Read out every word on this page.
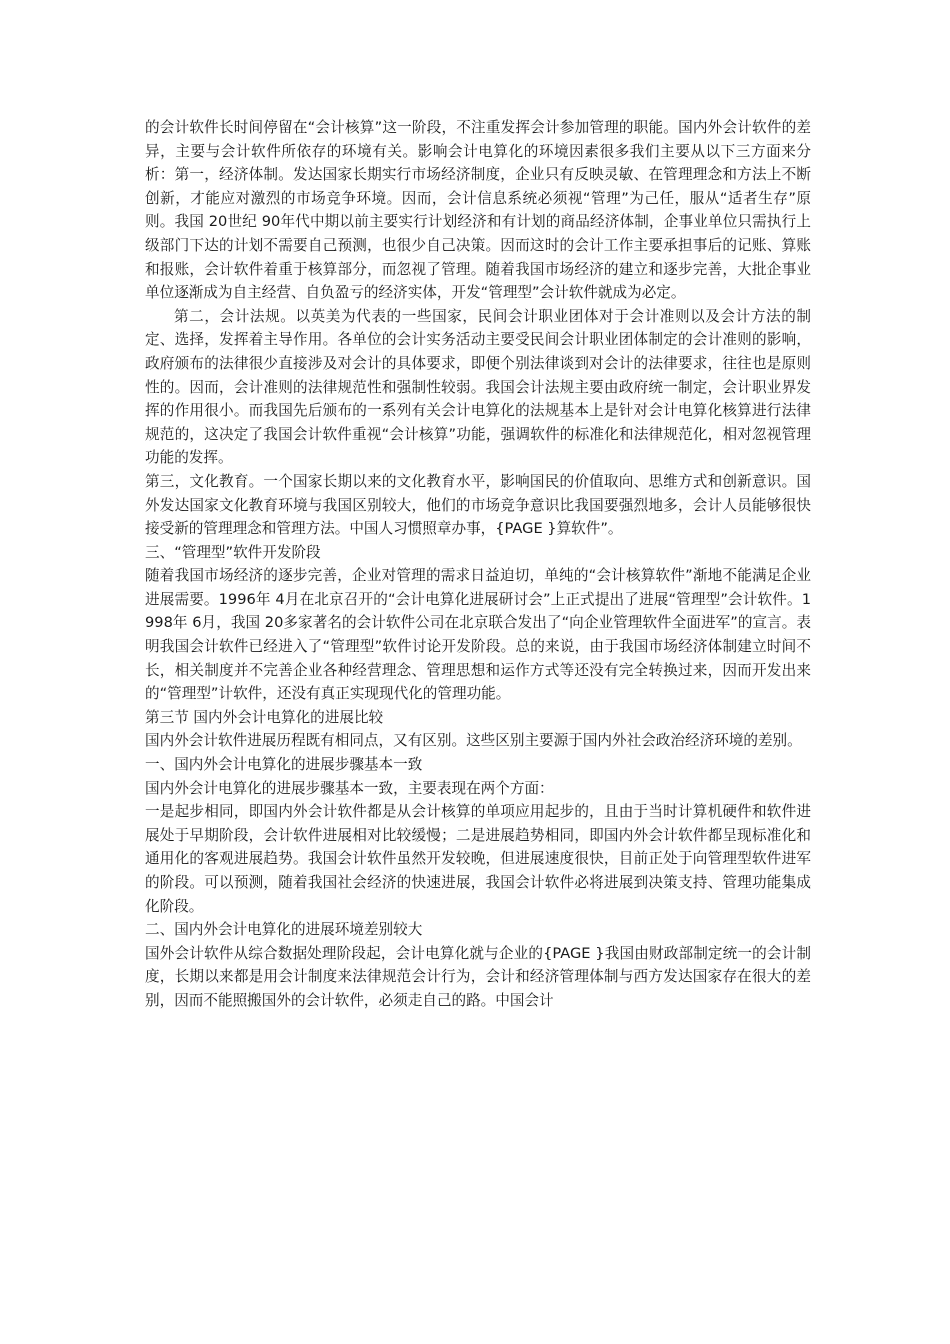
的会计软件长时间停留在“会计核算”这一阶段，不注重发挥会计参加管理的职能。国内外会计软件的差异，主要与会计软件所依存的环境有关。影响会计电算化的环境因素很多我们主要从以下三方面来分析：第一，经济体制。发达国家长期实行市场经济制度，企业只有反映灵敏、在管理理念和方法上不断创新，才能应对激烈的市场竞争环境。因而，会计信息系统必须视“管理”为己任，服从“适者生存”原则。我国 20世纪 90年代中期以前主要实行计划经济和有计划的商品经济体制，企事业单位只需执行上级部门下达的计划不需要自己预测，也很少自己决策。因而这时的会计工作主要承担事后的记账、算账和报账，会计软件着重于核算部分，而忽视了管理。随着我国市场经济的建立和逐步完善，大批企事业单位逐渐成为自主经营、自负盈亏的经济实体，开发“管理型”会计软件就成为必定。

第二，会计法规。以英美为代表的一些国家，民间会计职业团体对于会计准则以及会计方法的制定、选择，发挥着主导作用。各单位的会计实务活动主要受民间会计职业团体制定的会计准则的影响，政府颁布的法律很少直接涉及对会计的具体要求，即便个别法律谈到对会计的法律要求，往往也是原则性的。因而，会计准则的法律规范性和强制性较弱。我国会计法规主要由政府统一制定，会计职业界发挥的作用很小。而我国先后颁布的一系列有关会计电算化的法规基本上是针对会计电算化核算进行法律规范的，这决定了我国会计软件重视“会计核算”功能，强调软件的标准化和法律规范化，相对忽视管理功能的发挥。

第三，文化教育。一个国家长期以来的文化教育水平，影响国民的价值取向、思维方式和创新意识。国外发达国家文化教育环境与我国区别较大，他们的市场竞争意识比我国要强烈地多，会计人员能够很快接受新的管理理念和管理方法。中国人习惯照章办事，{PAGE }算软件”。

三、“管理型”软件开发阶段

随着我国市场经济的逐步完善，企业对管理的需求日益迫切，单纯的“会计核算软件”渐地不能满足企业进展需要。1996年 4月在北京召开的“会计电算化进展研讨会”上正式提出了进展“管理型”会计软件。1998年 6月，我国 20多家著名的会计软件公司在北京联合发出了“向企业管理软件全面进军”的宣言。表明我国会计软件已经进入了“管理型”软件讨论开发阶段。总的来说，由于我国市场经济体制建立时间不长，相关制度并不完善企业各种经营理念、管理思想和运作方式等还没有完全转换过来，因而开发出来的“管理型”计软件，还没有真正实现现代化的管理功能。

第三节 国内外会计电算化的进展比较

国内外会计软件进展历程既有相同点，又有区别。这些区别主要源于国内外社会政治经济环境的差别。

一、国内外会计电算化的进展步骤基本一致

国内外会计电算化的进展步骤基本一致，主要表现在两个方面：

一是起步相同，即国内外会计软件都是从会计核算的单项应用起步的，且由于当时计算机硬件和软件进展处于早期阶段，会计软件进展相对比较缓慢；二是进展趋势相同，即国内外会计软件都呈现标准化和通用化的客观进展趋势。我国会计软件虽然开发较晚，但进展速度很快，目前正处于向管理型软件进军的阶段。可以预测，随着我国社会经济的快速进展，我国会计软件必将进展到决策支持、管理功能集成化阶段。

二、国内外会计电算化的进展环境差别较大

国外会计软件从综合数据处理阶段起，会计电算化就与企业的{PAGE }我国由财政部制定统一的会计制度，长期以来都是用会计制度来法律规范会计行为，会计和经济管理体制与西方发达国家存在很大的差别，因而不能照搬国外的会计软件，必须走自己的路。中国会计
